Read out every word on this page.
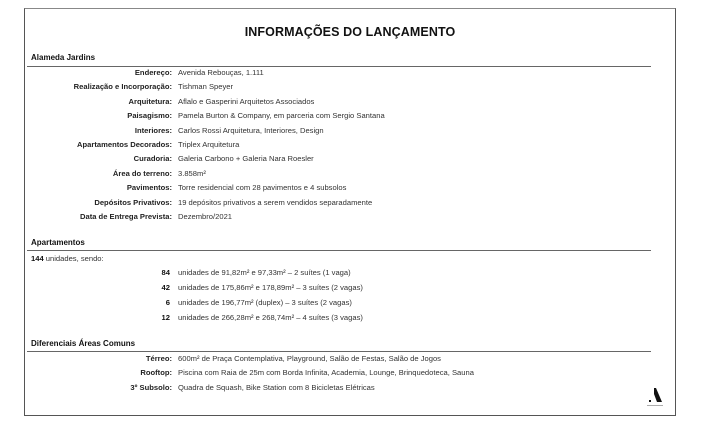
INFORMAÇÕES DO LANÇAMENTO
Alameda Jardins
Endereço: Avenida Rebouças, 1.111
Realização e Incorporação: Tishman Speyer
Arquitetura: Aflalo e Gasperini Arquitetos Associados
Paisagismo: Pamela Burton & Company, em parceria com Sergio Santana
Interiores: Carlos Rossi Arquitetura, Interiores, Design
Apartamentos Decorados: Triplex Arquitetura
Curadoria: Galeria Carbono + Galeria Nara Roesler
Área do terreno: 3.858m²
Pavimentos: Torre residencial com 28 pavimentos e 4 subsolos
Depósitos Privativos: 19 depósitos privativos a serem vendidos separadamente
Data de Entrega Prevista: Dezembro/2021
Apartamentos
144 unidades, sendo:
84 unidades de 91,82m² e 97,33m² – 2 suítes (1 vaga)
42 unidades de 175,86m² e 178,89m² – 3 suítes (2 vagas)
6 unidades de 196,77m² (duplex) – 3 suítes (2 vagas)
12 unidades de 266,28m² e 268,74m² – 4 suítes (3 vagas)
Diferenciais Áreas Comuns
Térreo: 600m² de Praça Contemplativa, Playground, Salão de Festas, Salão de Jogos
Rooftop: Piscina com Raia de 25m com Borda Infinita, Academia, Lounge, Brinquedoteca, Sauna
3º Subsolo: Quadra de Squash, Bike Station com 8 Bicicletas Elétricas
